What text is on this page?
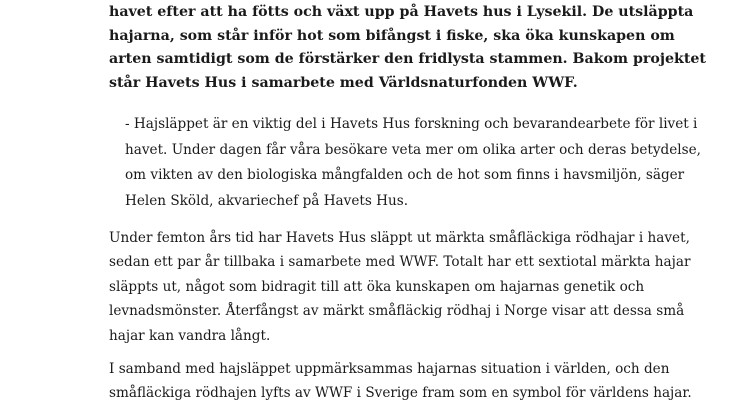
havet efter att ha fötts och växt upp på Havets hus i Lysekil. De utsläppta
hajarna, som står inför hot som bifångst i fiske, ska öka kunskapen om
arten samtidigt som de förstärker den fridlysta stammen. Bakom projektet
står Havets Hus i samarbete med Världsnaturfonden WWF.

- Hajsläppet är en viktig del i Havets Hus forskning och bevarandearbete för livet i
havet. Under dagen får våra besökare veta mer om olika arter och deras betydelse,
om vikten av den biologiska mångfalden och de hot som finns i havsmiljön, säger
Helen Sköld, akvariechef på Havets Hus.

Under femton års tid har Havets Hus släppt ut märkta småfläckiga rödhajar i havet,
sedan ett par år tillbaka i samarbete med WWF. Totalt har ett sextiotal märkta hajar
släppts ut, något som bidragit till att öka kunskapen om hajarnas genetik och
levnadsmönster. Återfångst av märkt småfläckig rödhaj i Norge visar att dessa små
hajar kan vandra långt.

I samband med hajsläppet uppmärksammas hajarnas situation i världen, och den
småfläckiga rödhajen lyfts av WWF i Sverige fram som en symbol för världens hajar.
